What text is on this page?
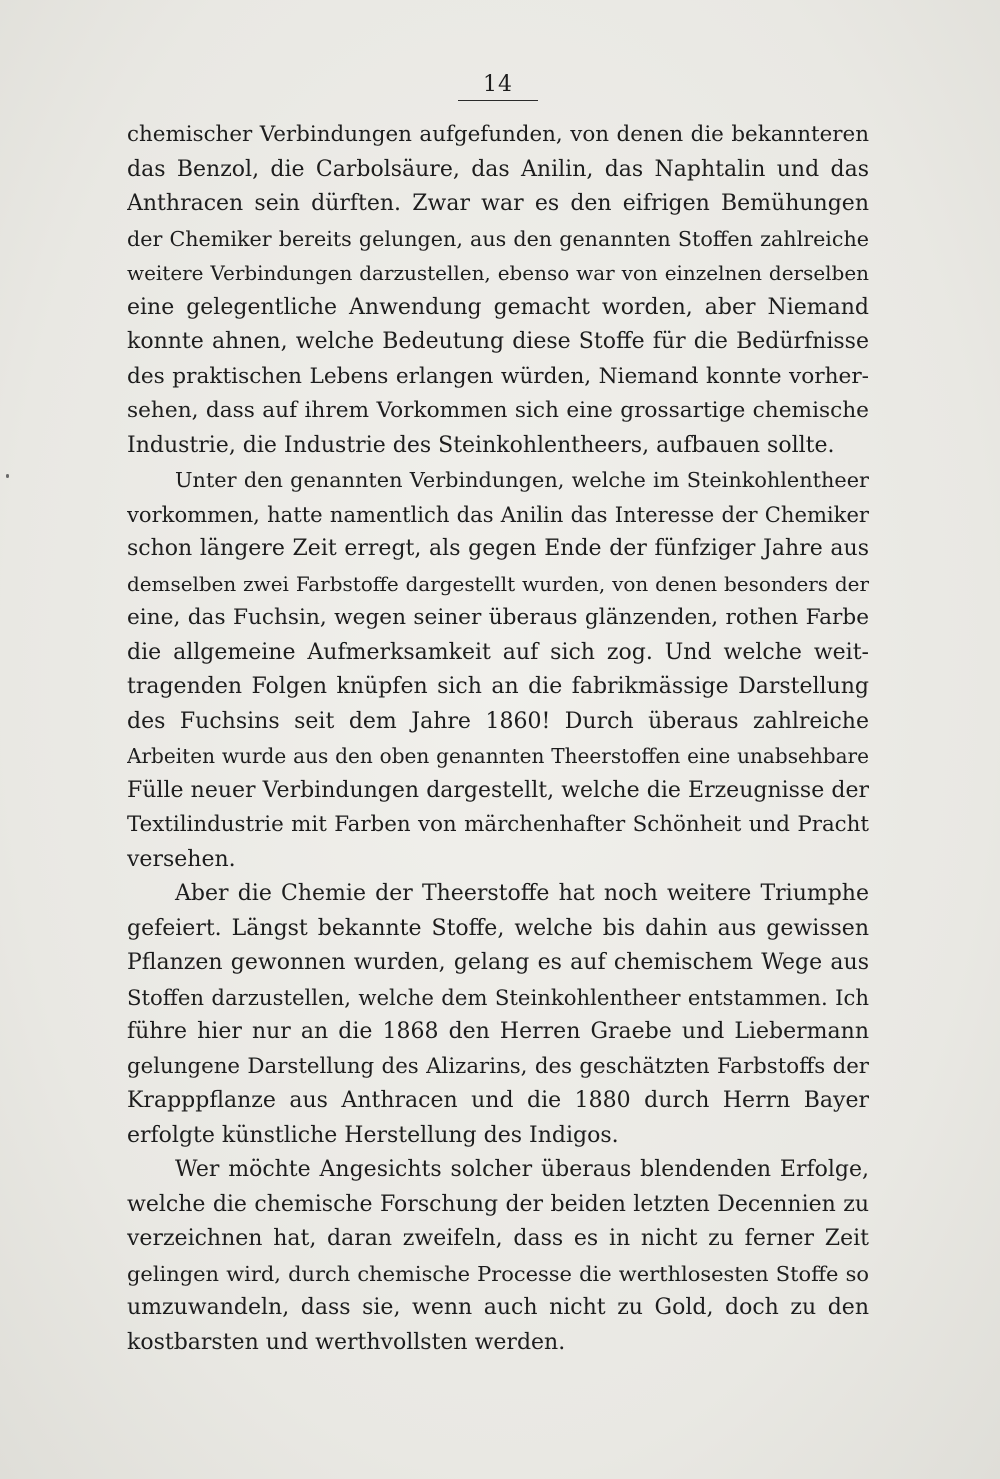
14
chemischer Verbindungen aufgefunden, von denen die bekannteren
das Benzol, die Carbolsäure, das Anilin, das Naphtalin und das
Anthracen sein dürften. Zwar war es den eifrigen Bemühungen
der Chemiker bereits gelungen, aus den genannten Stoffen zahlreiche
weitere Verbindungen darzustellen, ebenso war von einzelnen derselben
eine gelegentliche Anwendung gemacht worden, aber Niemand
konnte ahnen, welche Bedeutung diese Stoffe für die Bedürfnisse
des praktischen Lebens erlangen würden, Niemand konnte vorher-
sehen, dass auf ihrem Vorkommen sich eine grossartige chemische
Industrie, die Industrie des Steinkohlentheers, aufbauen sollte.
Unter den genannten Verbindungen, welche im Steinkohlentheer
vorkommen, hatte namentlich das Anilin das Interesse der Chemiker
schon längere Zeit erregt, als gegen Ende der fünfziger Jahre aus
demselben zwei Farbstoffe dargestellt wurden, von denen besonders der
eine, das Fuchsin, wegen seiner überaus glänzenden, rothen Farbe
die allgemeine Aufmerksamkeit auf sich zog. Und welche weit-
tragenden Folgen knüpfen sich an die fabrikmässige Darstellung
des Fuchsins seit dem Jahre 1860! Durch überaus zahlreiche
Arbeiten wurde aus den oben genannten Theerstoffen eine unabsehbare
Fülle neuer Verbindungen dargestellt, welche die Erzeugnisse der
Textilindustrie mit Farben von märchenhafter Schönheit und Pracht
versehen.
Aber die Chemie der Theerstoffe hat noch weitere Triumphe
gefeiert. Längst bekannte Stoffe, welche bis dahin aus gewissen
Pflanzen gewonnen wurden, gelang es auf chemischem Wege aus
Stoffen darzustellen, welche dem Steinkohlentheer entstammen. Ich
führe hier nur an die 1868 den Herren Graebe und Liebermann
gelungene Darstellung des Alizarins, des geschätzten Farbstoffs der
Krapppflanze aus Anthracen und die 1880 durch Herrn Bayer
erfolgte künstliche Herstellung des Indigos.
Wer möchte Angesichts solcher überaus blendenden Erfolge,
welche die chemische Forschung der beiden letzten Decennien zu
verzeichnen hat, daran zweifeln, dass es in nicht zu ferner Zeit
gelingen wird, durch chemische Processe die werthlosesten Stoffe so
umzuwandeln, dass sie, wenn auch nicht zu Gold, doch zu den
kostbarsten und werthvollsten werden.
